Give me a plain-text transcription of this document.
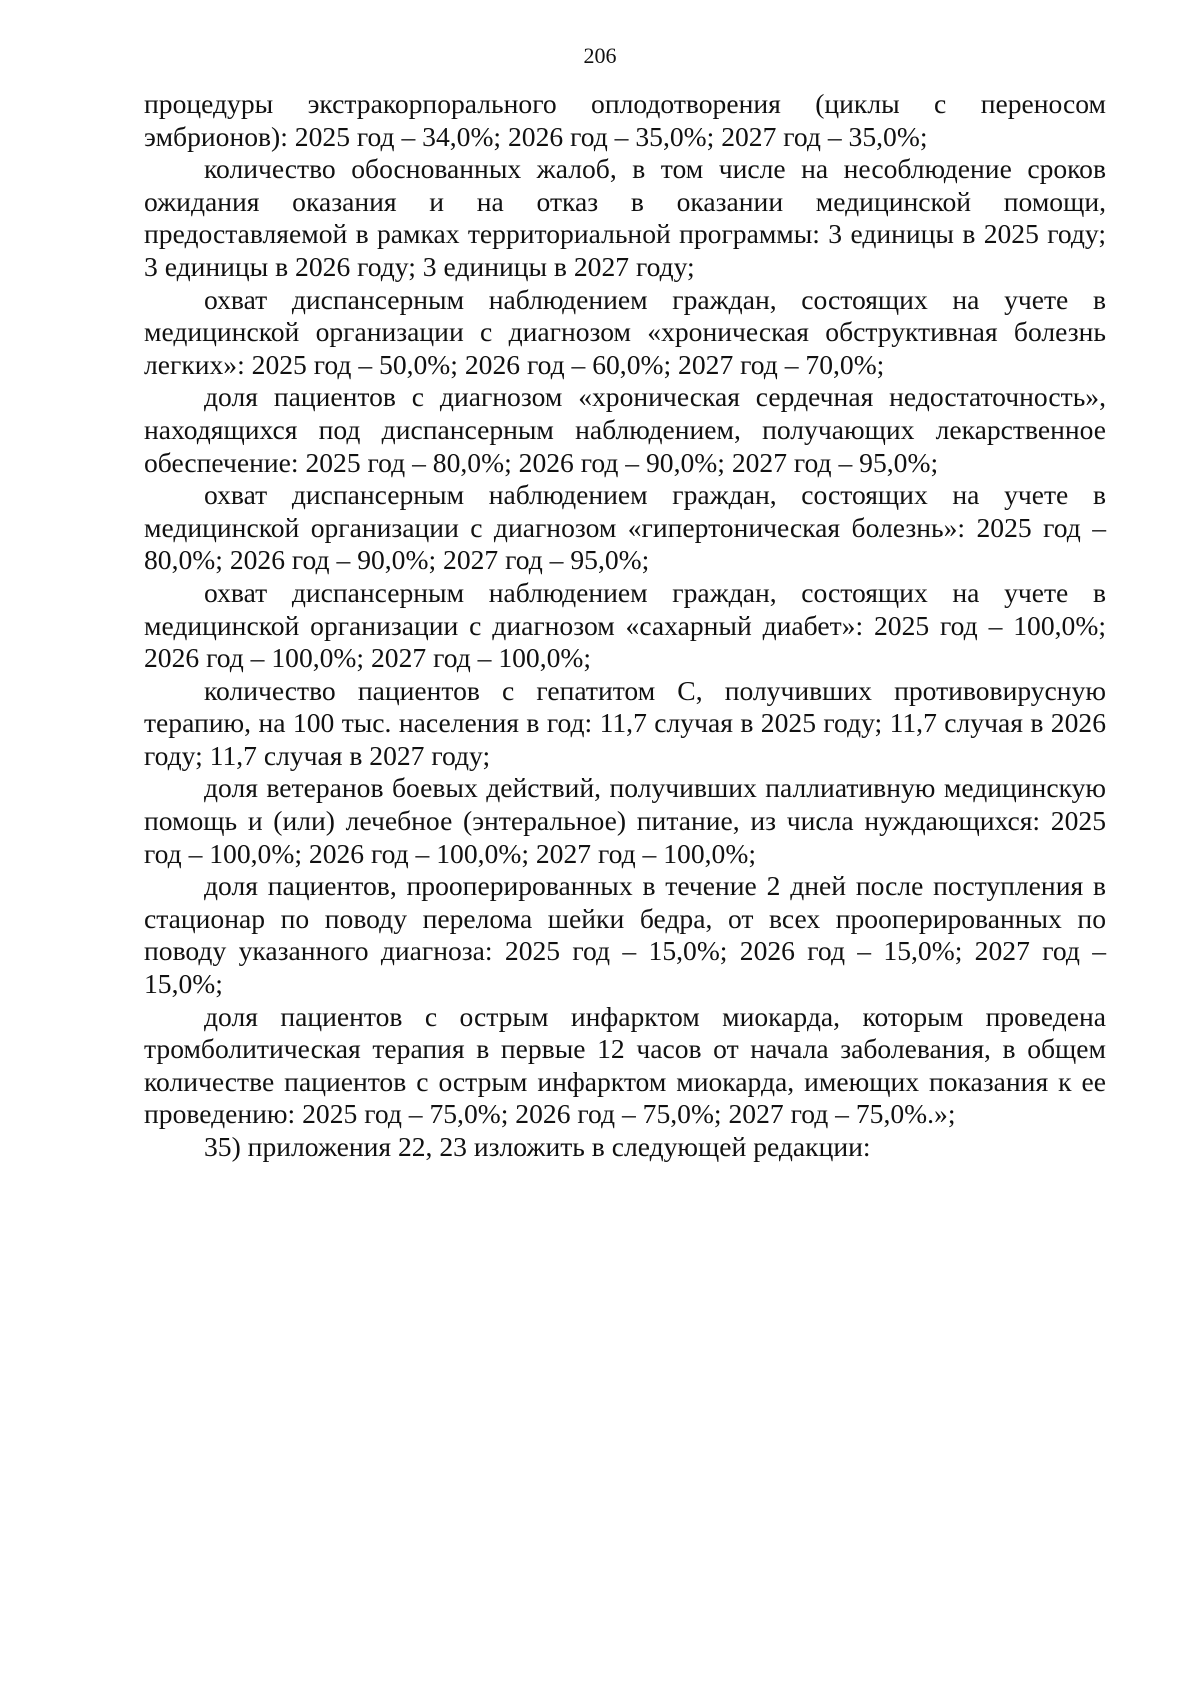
206

процедуры экстракорпорального оплодотворения (циклы с переносом эмбрионов): 2025 год – 34,0%; 2026 год – 35,0%; 2027 год – 35,0%;

количество обоснованных жалоб, в том числе на несоблюдение сроков ожидания оказания и на отказ в оказании медицинской помощи, предоставляемой в рамках территориальной программы: 3 единицы в 2025 году; 3 единицы в 2026 году; 3 единицы в 2027 году;

охват диспансерным наблюдением граждан, состоящих на учете в медицинской организации с диагнозом «хроническая обструктивная болезнь легких»: 2025 год – 50,0%; 2026 год – 60,0%; 2027 год – 70,0%;

доля пациентов с диагнозом «хроническая сердечная недостаточность», находящихся под диспансерным наблюдением, получающих лекарственное обеспечение: 2025 год – 80,0%; 2026 год – 90,0%; 2027 год – 95,0%;

охват диспансерным наблюдением граждан, состоящих на учете в медицинской организации с диагнозом «гипертоническая болезнь»: 2025 год – 80,0%; 2026 год – 90,0%; 2027 год – 95,0%;

охват диспансерным наблюдением граждан, состоящих на учете в медицинской организации с диагнозом «сахарный диабет»: 2025 год – 100,0%; 2026 год – 100,0%; 2027 год – 100,0%;

количество пациентов с гепатитом С, получивших противовирусную терапию, на 100 тыс. населения в год: 11,7 случая в 2025 году; 11,7 случая в 2026 году; 11,7 случая в 2027 году;

доля ветеранов боевых действий, получивших паллиативную медицинскую помощь и (или) лечебное (энтеральное) питание, из числа нуждающихся: 2025 год – 100,0%; 2026 год – 100,0%; 2027 год – 100,0%;

доля пациентов, прооперированных в течение 2 дней после поступления в стационар по поводу перелома шейки бедра, от всех прооперированных по поводу указанного диагноза: 2025 год – 15,0%; 2026 год – 15,0%; 2027 год – 15,0%;

доля пациентов с острым инфарктом миокарда, которым проведена тромболитическая терапия в первые 12 часов от начала заболевания, в общем количестве пациентов с острым инфарктом миокарда, имеющих показания к ее проведению: 2025 год – 75,0%; 2026 год – 75,0%; 2027 год – 75,0%.»;

35) приложения 22, 23 изложить в следующей редакции:
